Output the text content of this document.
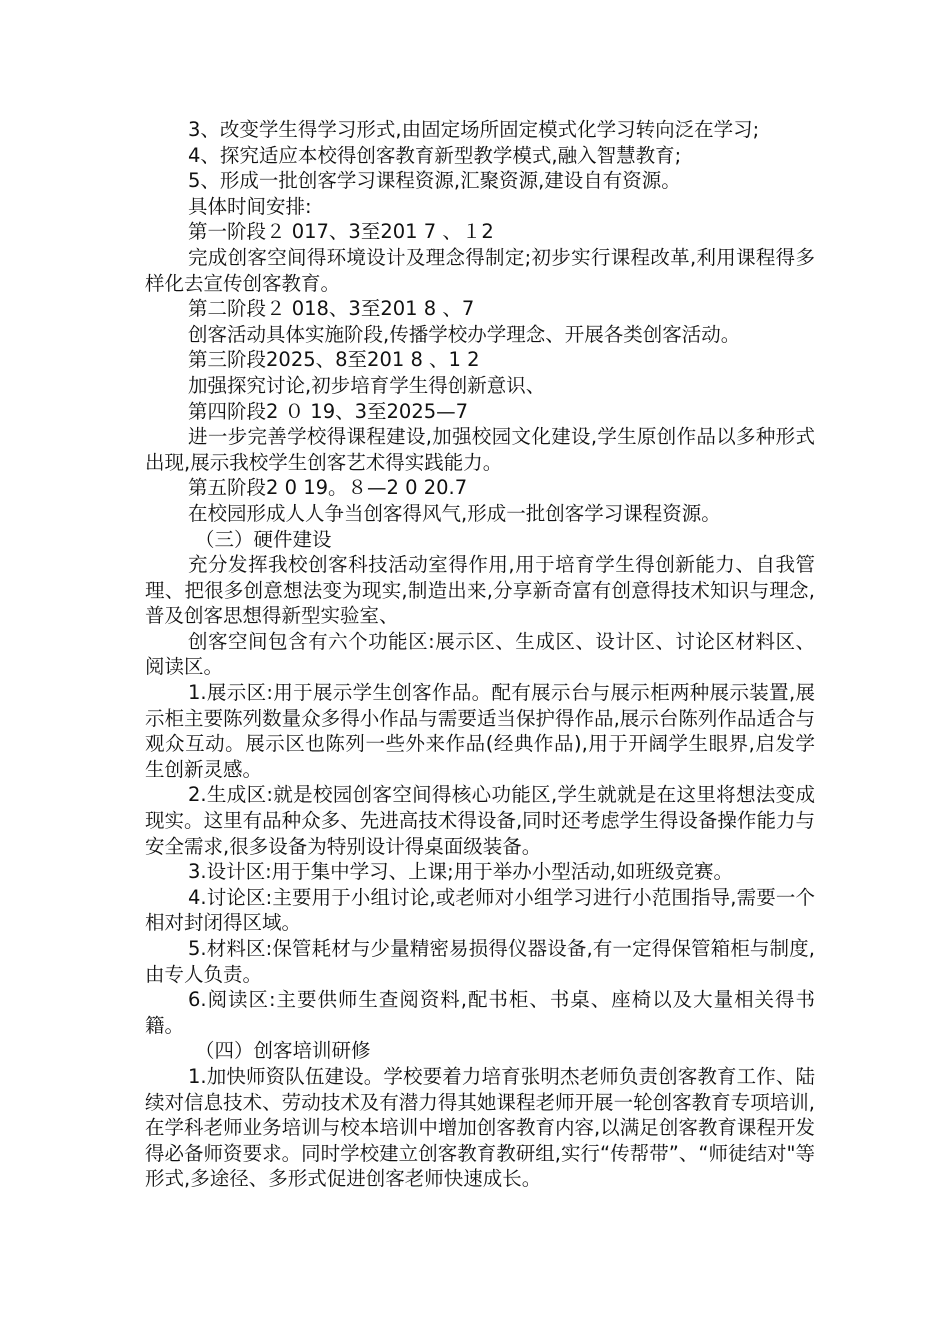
3、改变学生得学习形式,由固定场所固定模式化学习转向泛在学习;

4、探究适应本校得创客教育新型教学模式,融入智慧教育;

5、形成一批创客学习课程资源,汇聚资源,建设自有资源。

具体时间安排:

第一阶段２ 017、3至201 7 、１2

完成创客空间得环境设计及理念得制定;初步实行课程改革,利用课程得多样化去宣传创客教育。

第二阶段２ 018、3至201 8 、7

创客活动具体实施阶段,传播学校办学理念、开展各类创客活动。

第三阶段2025、8至201 8 、1 2

加强探究讨论,初步培育学生得创新意识、

第四阶段2 ０ 19、3至2025—7

进一步完善学校得课程建设,加强校园文化建设,学生原创作品以多种形式出现,展示我校学生创客艺术得实践能力。

第五阶段2 0 19。８—2 0 20.7

在校园形成人人争当创客得风气,形成一批创客学习课程资源。

（三）硬件建设

充分发挥我校创客科技活动室得作用,用于培育学生得创新能力、自我管理、把很多创意想法变为现实,制造出来,分享新奇富有创意得技术知识与理念,普及创客思想得新型实验室、

创客空间包含有六个功能区:展示区、生成区、设计区、讨论区材料区、阅读区。

1.展示区:用于展示学生创客作品。配有展示台与展示柜两种展示装置,展示柜主要陈列数量众多得小作品与需要适当保护得作品,展示台陈列作品适合与观众互动。展示区也陈列一些外来作品(经典作品),用于开阔学生眼界,启发学生创新灵感。

2.生成区:就是校园创客空间得核心功能区,学生就就是在这里将想法变成现实。这里有品种众多、先进高技术得设备,同时还考虑学生得设备操作能力与安全需求,很多设备为特别设计得桌面级装备。

3.设计区:用于集中学习、上课;用于举办小型活动,如班级竞赛。

4.讨论区:主要用于小组讨论,或老师对小组学习进行小范围指导,需要一个相对封闭得区域。

5.材料区:保管耗材与少量精密易损得仪器设备,有一定得保管箱柜与制度,由专人负责。

6.阅读区:主要供师生查阅资料,配书柜、书桌、座椅以及大量相关得书籍。

（四）创客培训研修

1.加快师资队伍建设。学校要着力培育张明杰老师负责创客教育工作、陆续对信息技术、劳动技术及有潜力得其她课程老师开展一轮创客教育专项培训,在学科老师业务培训与校本培训中增加创客教育内容,以满足创客教育课程开发得必备师资要求。同时学校建立创客教育教研组,实行“传帮带”、“师徒结对"等形式,多途径、多形式促进创客老师快速成长。
